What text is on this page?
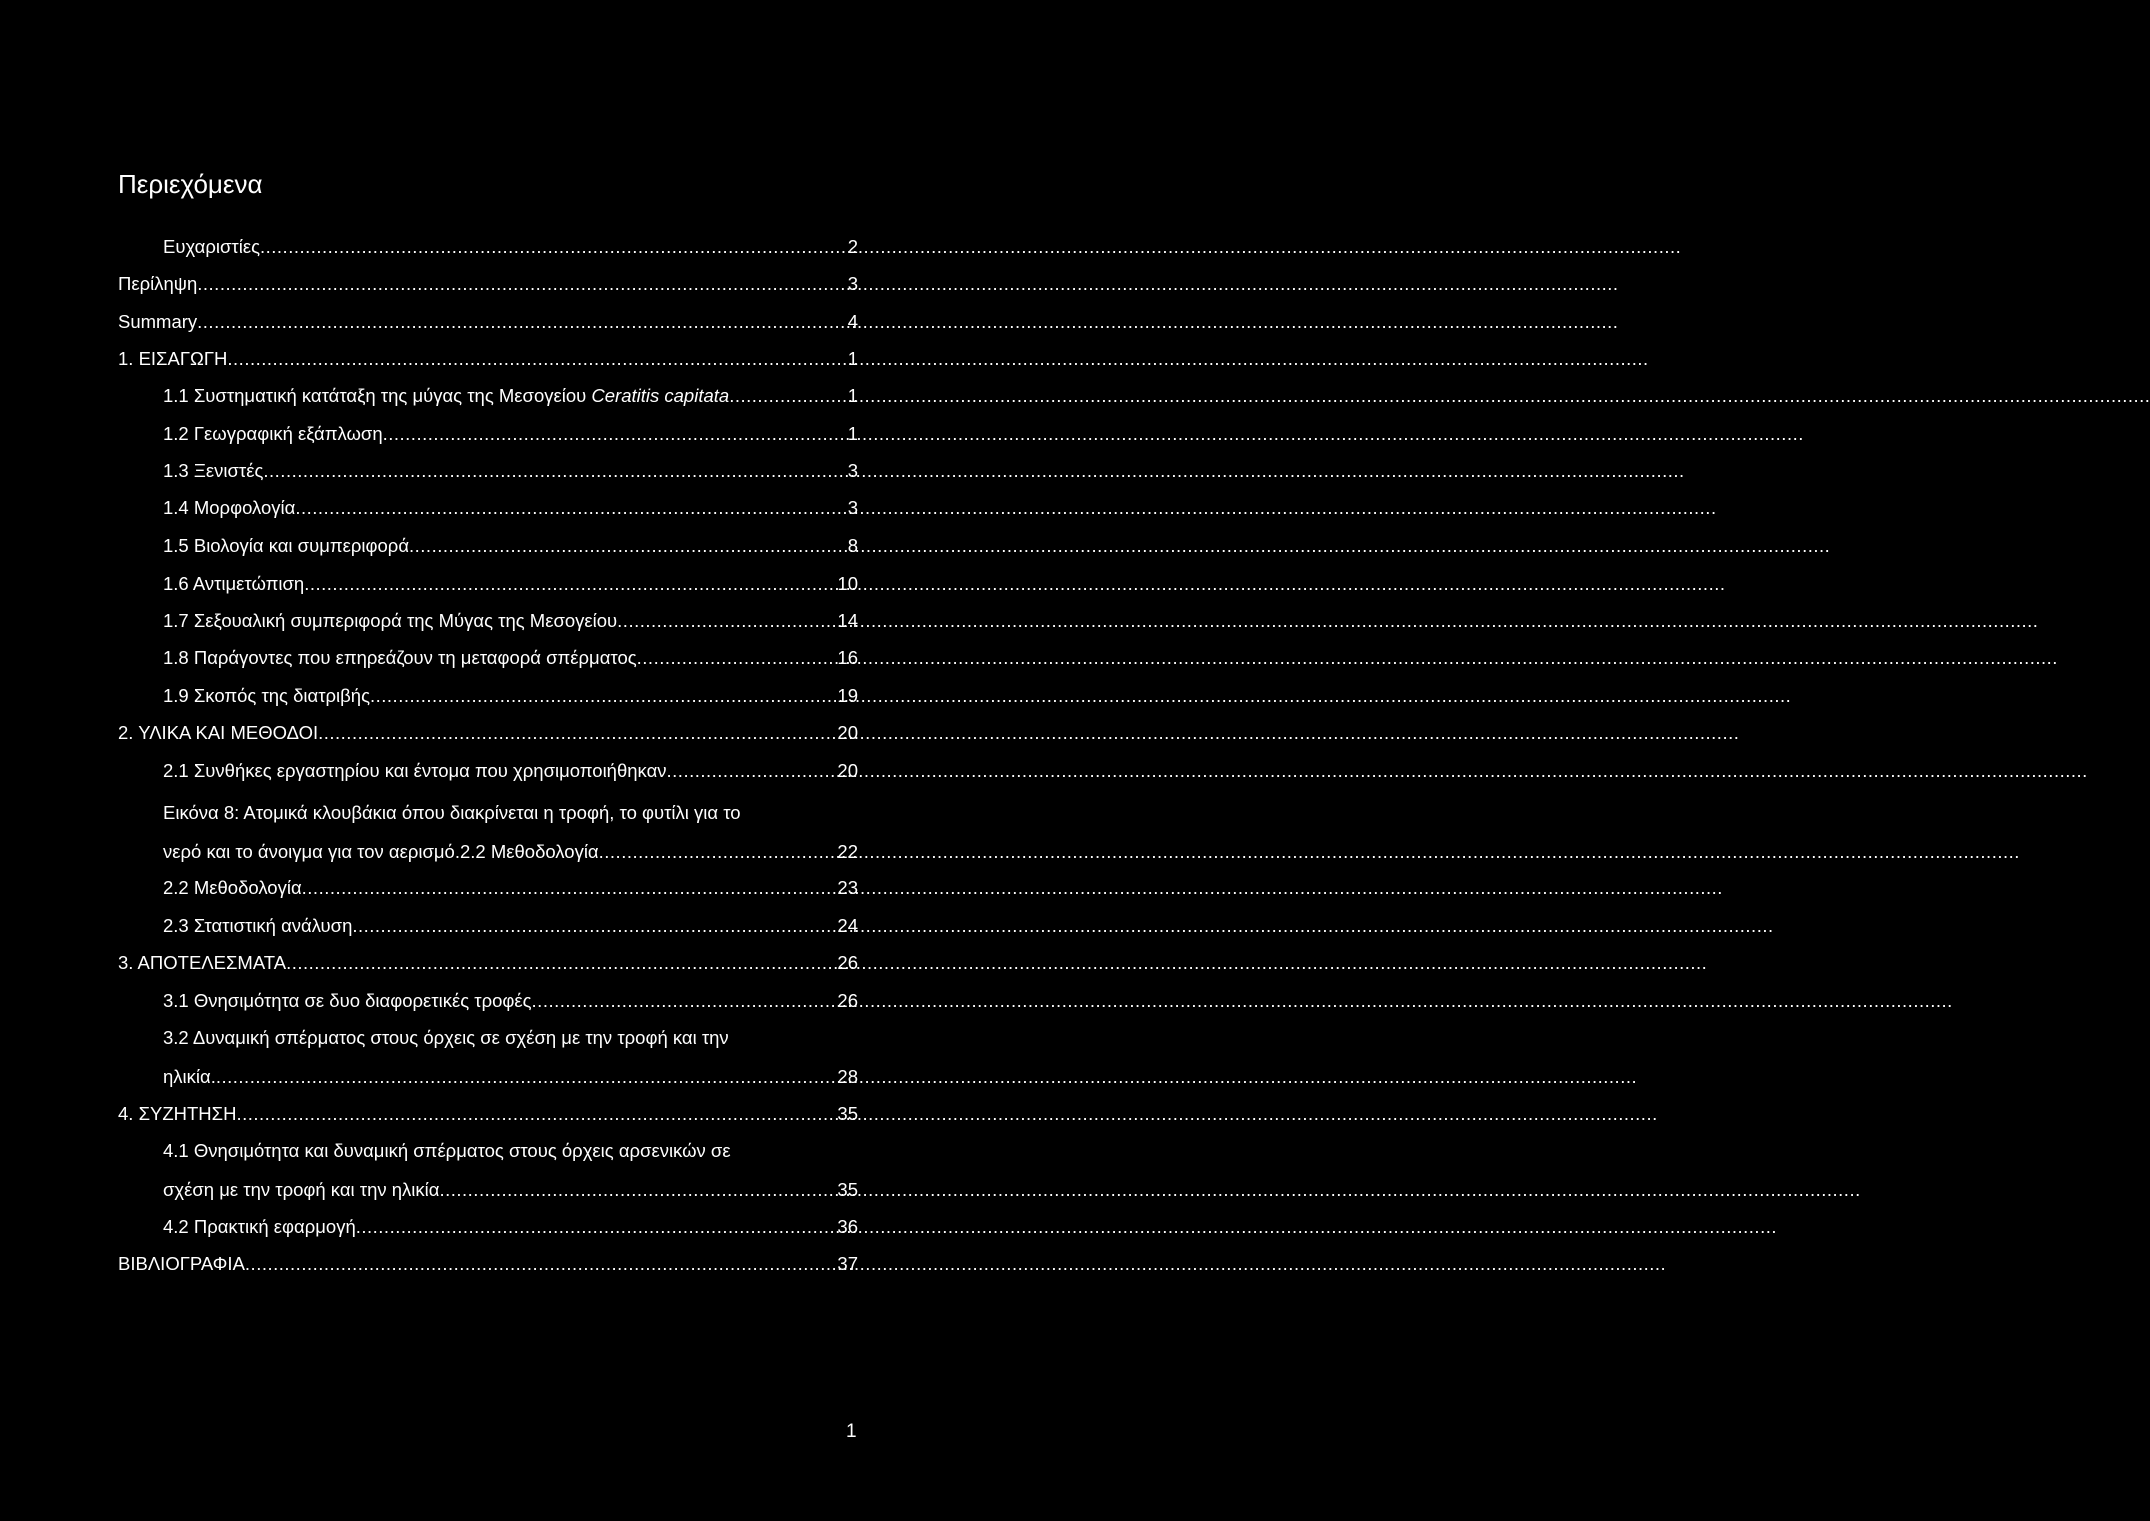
Περιεχόμενα
Ευχαριστίες .....	2
Περίληψη .....	3
Summary .....	4
1. ΕΙΣΑΓΩΓΗ .....	1
1.1 Συστηματική κατάταξη της μύγας της Μεσογείου Ceratitis capitata .....	1
1.2 Γεωγραφική εξάπλωση .....	1
1.3 Ξενιστές .....	3
1.4 Μορφολογία .....	3
1.5 Βιολογία και συμπεριφορά .....	8
1.6 Αντιμετώπιση .....	10
1.7 Σεξουαλική συμπεριφορά της Μύγας της Μεσογείου .....	14
1.8 Παράγοντες που επηρεάζουν τη μεταφορά σπέρματος .....	16
1.9 Σκοπός της διατριβής .....	19
2. ΥΛΙΚΑ ΚΑΙ ΜΕΘΟΔΟΙ .....	20
2.1 Συνθήκες εργαστηρίου και έντομα που χρησιμοποιήθηκαν .....	20
Εικόνα 8: Ατομικά κλουβάκια όπου διακρίνεται η τροφή, το φυτίλι για το
νερό και το άνοιγμα για τον αερισμό.2.2 Μεθοδολογία .....	22
2.2 Μεθοδολογία .....	23
2.3 Στατιστική ανάλυση .....	24
3. ΑΠΟΤΕΛΕΣΜΑΤΑ .....	26
3.1 Θνησιμότητα σε δυο διαφορετικές τροφές .....	26
3.2 Δυναμική σπέρματος στους όρχεις σε σχέση με την τροφή και την
ηλικία. .....	28
4. ΣΥΖΗΤΗΣΗ .....	35
4.1 Θνησιμότητα και δυναμική σπέρματος στους όρχεις αρσενικών σε
σχέση με την τροφή και την ηλικία .....	35
4.2 Πρακτική εφαρμογή .....	36
ΒΙΒΛΙΟΓΡΑΦΙΑ .....	37
1
